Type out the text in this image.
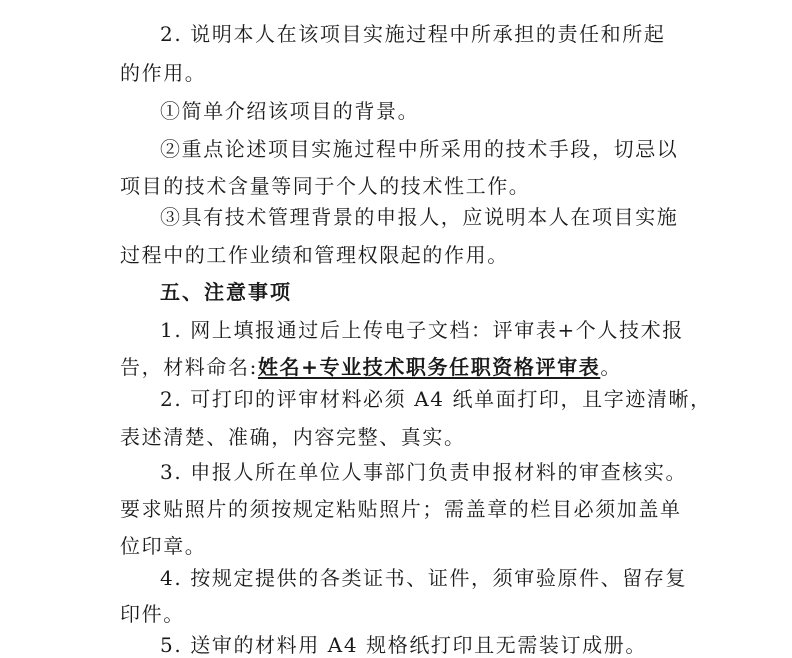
2. 说明本人在该项目实施过程中所承担的责任和所起
的作用。
①简单介绍该项目的背景。
②重点论述项目实施过程中所采用的技术手段，切忌以
项目的技术含量等同于个人的技术性工作。
③具有技术管理背景的申报人，应说明本人在项目实施
过程中的工作业绩和管理权限起的作用。
五、注意事项
1. 网上填报通过后上传电子文档：评审表+个人技术报
告，材料命名:姓名+专业技术职务任职资格评审表。
2. 可打印的评审材料必须 A4 纸单面打印，且字迹清晰，
表述清楚、准确，内容完整、真实。
3. 申报人所在单位人事部门负责申报材料的审查核实。
要求贴照片的须按规定粘贴照片；需盖章的栏目必须加盖单
位印章。
4. 按规定提供的各类证书、证件，须审验原件、留存复
印件。
5. 送审的材料用 A4 规格纸打印且无需装订成册。
